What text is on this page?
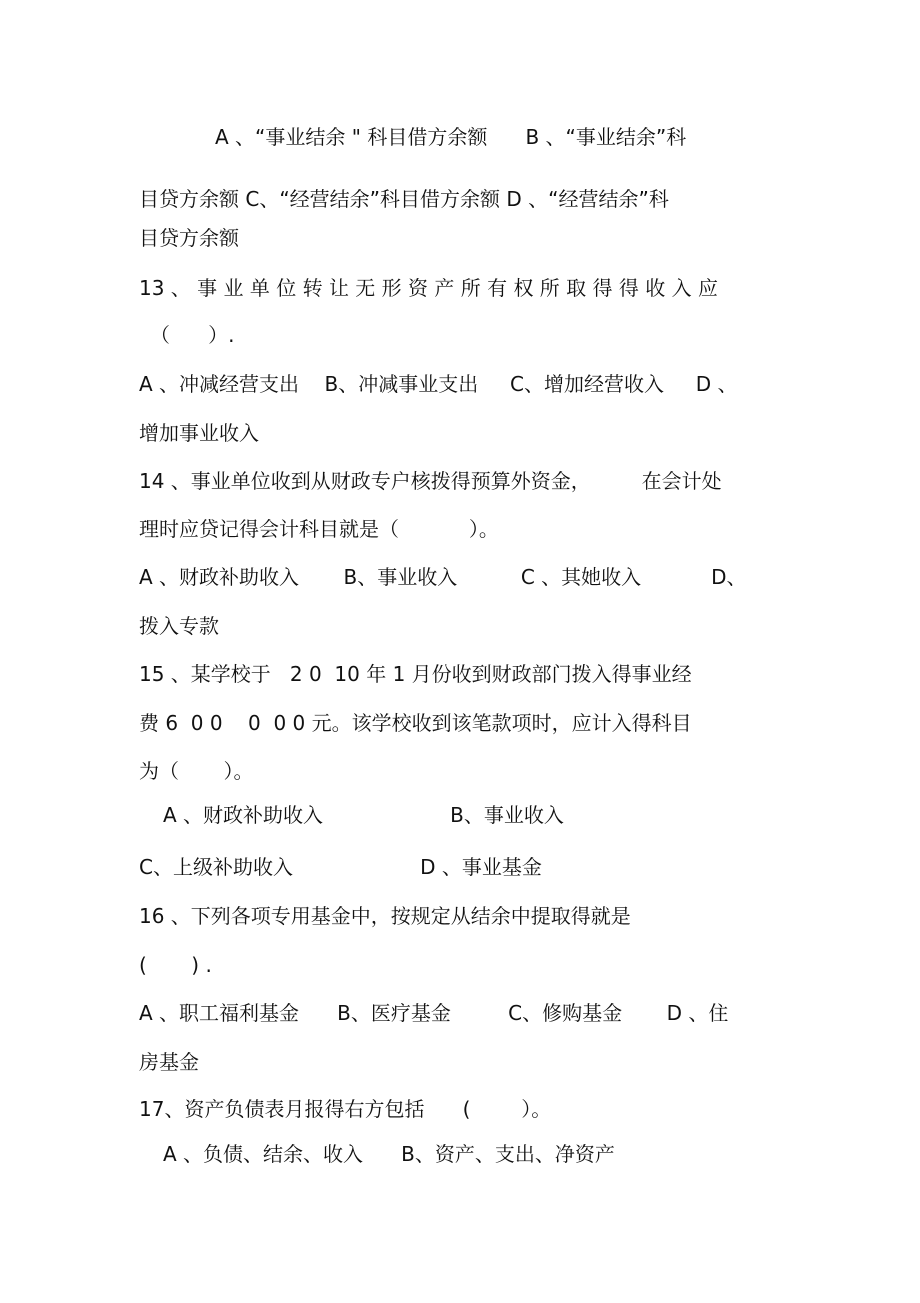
A 、“事业结余 " 科目借方余额      B 、“事业结余”科
目贷方余额 C、“经营结余”科目借方余额 D 、“经营结余”科
目贷方余额
13 、 事 业 单 位 转 让 无 形 资 产 所 有 权 所 取 得 得 收 入 应
（      ）.
A 、冲减经营支出    B、冲减事业支出     C、增加经营收入     D 、
增加事业收入
14 、事业单位收到从财政专户核拨得预算外资金，        在会计处
理时应贷记得会计科目就是（           ）。
A 、财政补助收入       B、事业收入          C 、其她收入           D、
拨入专款
15 、某学校于   2 0  10 年 1 月份收到财政部门拨入得事业经
费 6  0 0    0  0 0 元。该学校收到该笔款项时，应计入得科目
为（       ）。
A 、财政补助收入                    B、事业收入
C、上级补助收入                    D 、事业基金
16 、下列各项专用基金中，按规定从结余中提取得就是
(       ) .
A 、职工福利基金      B、医疗基金         C、修购基金       D 、住
房基金
17、资产负债表月报得右方包括      (        ）。
A 、负债、结余、收入      B、资产、支出、净资产
